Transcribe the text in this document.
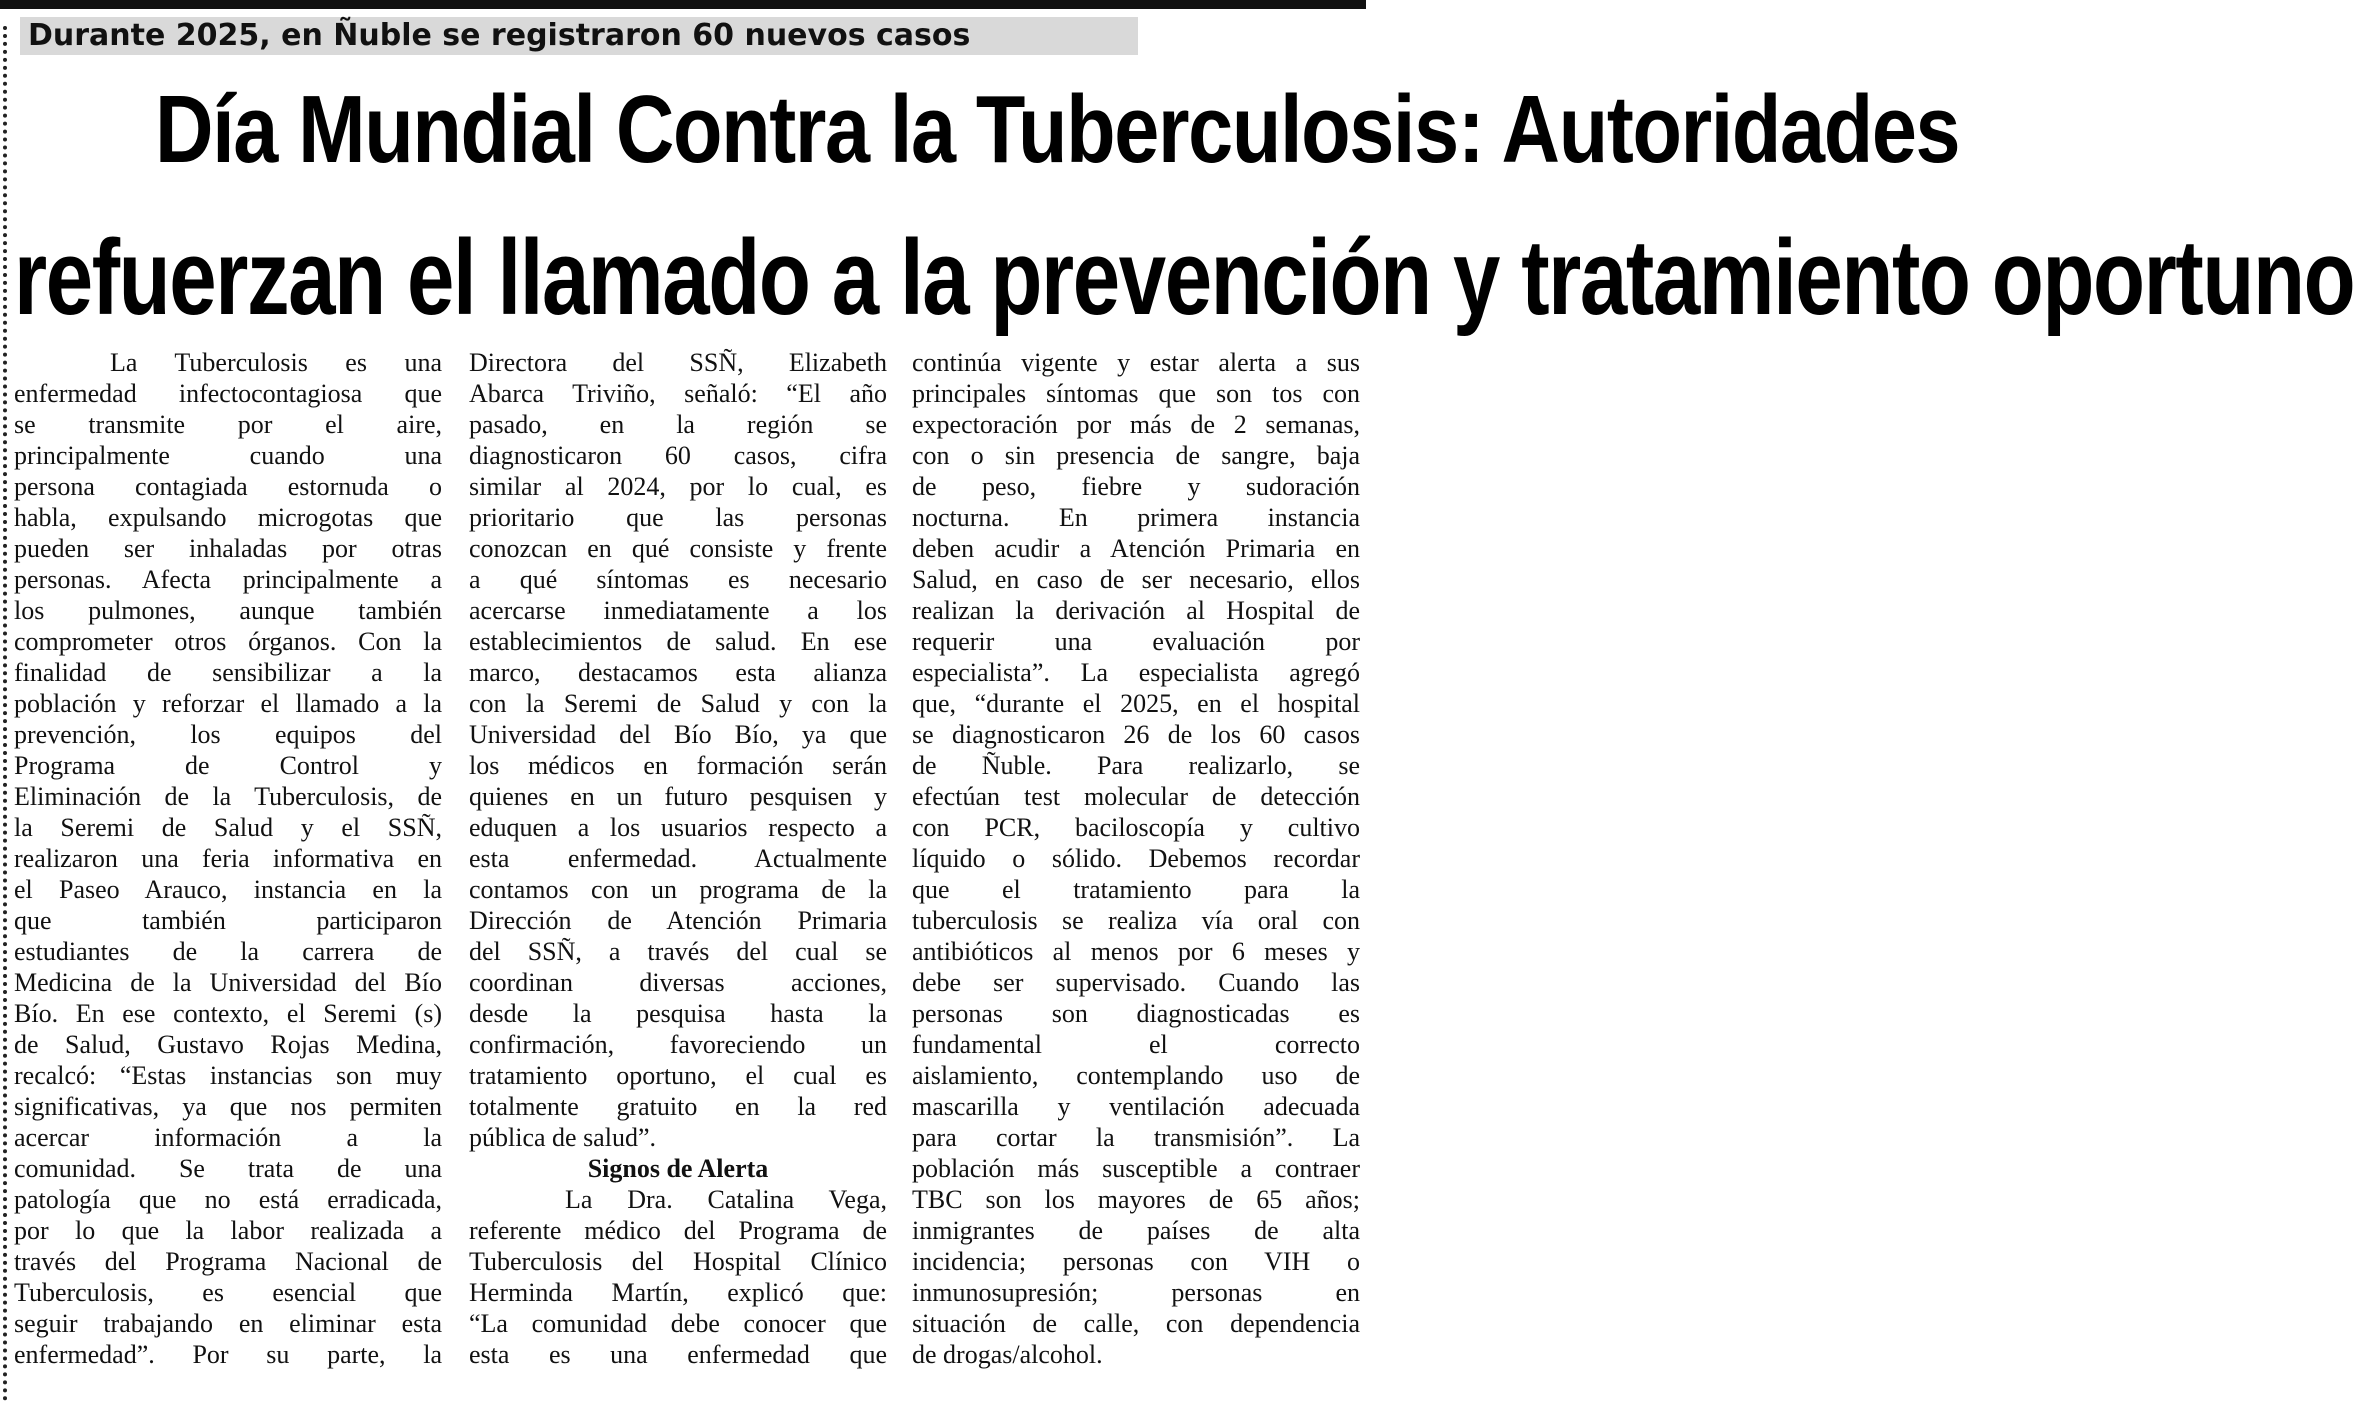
Durante 2025, en Ñuble se registraron 60 nuevos casos
Día Mundial Contra la Tuberculosis: Autoridades
refuerzan el llamado a la prevención y tratamiento oportuno
La Tuberculosis es una
enfermedad infectocontagiosa que
se transmite por el aire,
principalmente cuando una
persona contagiada estornuda o
habla, expulsando microgotas que
pueden ser inhaladas por otras
personas. Afecta principalmente a
los pulmones, aunque también
comprometer otros órganos. Con la
finalidad de sensibilizar a la
población y reforzar el llamado a la
prevención, los equipos del
Programa de Control y
Eliminación de la Tuberculosis, de
la Seremi de Salud y el SSÑ,
realizaron una feria informativa en
el Paseo Arauco, instancia en la
que también participaron
estudiantes de la carrera de
Medicina de la Universidad del Bío
Bío. En ese contexto, el Seremi (s)
de Salud, Gustavo Rojas Medina,
recalcó: “Estas instancias son muy
significativas, ya que nos permiten
acercar información a la
comunidad. Se trata de una
patología que no está erradicada,
por lo que la labor realizada a
través del Programa Nacional de
Tuberculosis, es esencial que
seguir trabajando en eliminar esta
enfermedad”. Por su parte, la
Directora del SSÑ, Elizabeth
Abarca Triviño, señaló: “El año
pasado, en la región se
diagnosticaron 60 casos, cifra
similar al 2024, por lo cual, es
prioritario que las personas
conozcan en qué consiste y frente
a qué síntomas es necesario
acercarse inmediatamente a los
establecimientos de salud. En ese
marco, destacamos esta alianza
con la Seremi de Salud y con la
Universidad del Bío Bío, ya que
los médicos en formación serán
quienes en un futuro pesquisen y
eduquen a los usuarios respecto a
esta enfermedad. Actualmente
contamos con un programa de la
Dirección de Atención Primaria
del SSÑ, a través del cual se
coordinan diversas acciones,
desde la pesquisa hasta la
confirmación, favoreciendo un
tratamiento oportuno, el cual es
totalmente gratuito en la red
pública de salud”.
Signos de Alerta
La Dra. Catalina Vega,
referente médico del Programa de
Tuberculosis del Hospital Clínico
Herminda Martín, explicó que:
“La comunidad debe conocer que
esta es una enfermedad que
continúa vigente y estar alerta a sus
principales síntomas que son tos con
expectoración por más de 2 semanas,
con o sin presencia de sangre, baja
de peso, fiebre y sudoración
nocturna. En primera instancia
deben acudir a Atención Primaria en
Salud, en caso de ser necesario, ellos
realizan la derivación al Hospital de
requerir una evaluación por
especialista”. La especialista agregó
que, “durante el 2025, en el hospital
se diagnosticaron 26 de los 60 casos
de Ñuble. Para realizarlo, se
efectúan test molecular de detección
con PCR, baciloscopía y cultivo
líquido o sólido. Debemos recordar
que el tratamiento para la
tuberculosis se realiza vía oral con
antibióticos al menos por 6 meses y
debe ser supervisado. Cuando las
personas son diagnosticadas es
fundamental el correcto
aislamiento, contemplando uso de
mascarilla y ventilación adecuada
para cortar la transmisión”. La
población más susceptible a contraer
TBC son los mayores de 65 años;
inmigrantes de países de alta
incidencia; personas con VIH o
inmunosupresión; personas en
situación de calle, con dependencia
de drogas/alcohol.
